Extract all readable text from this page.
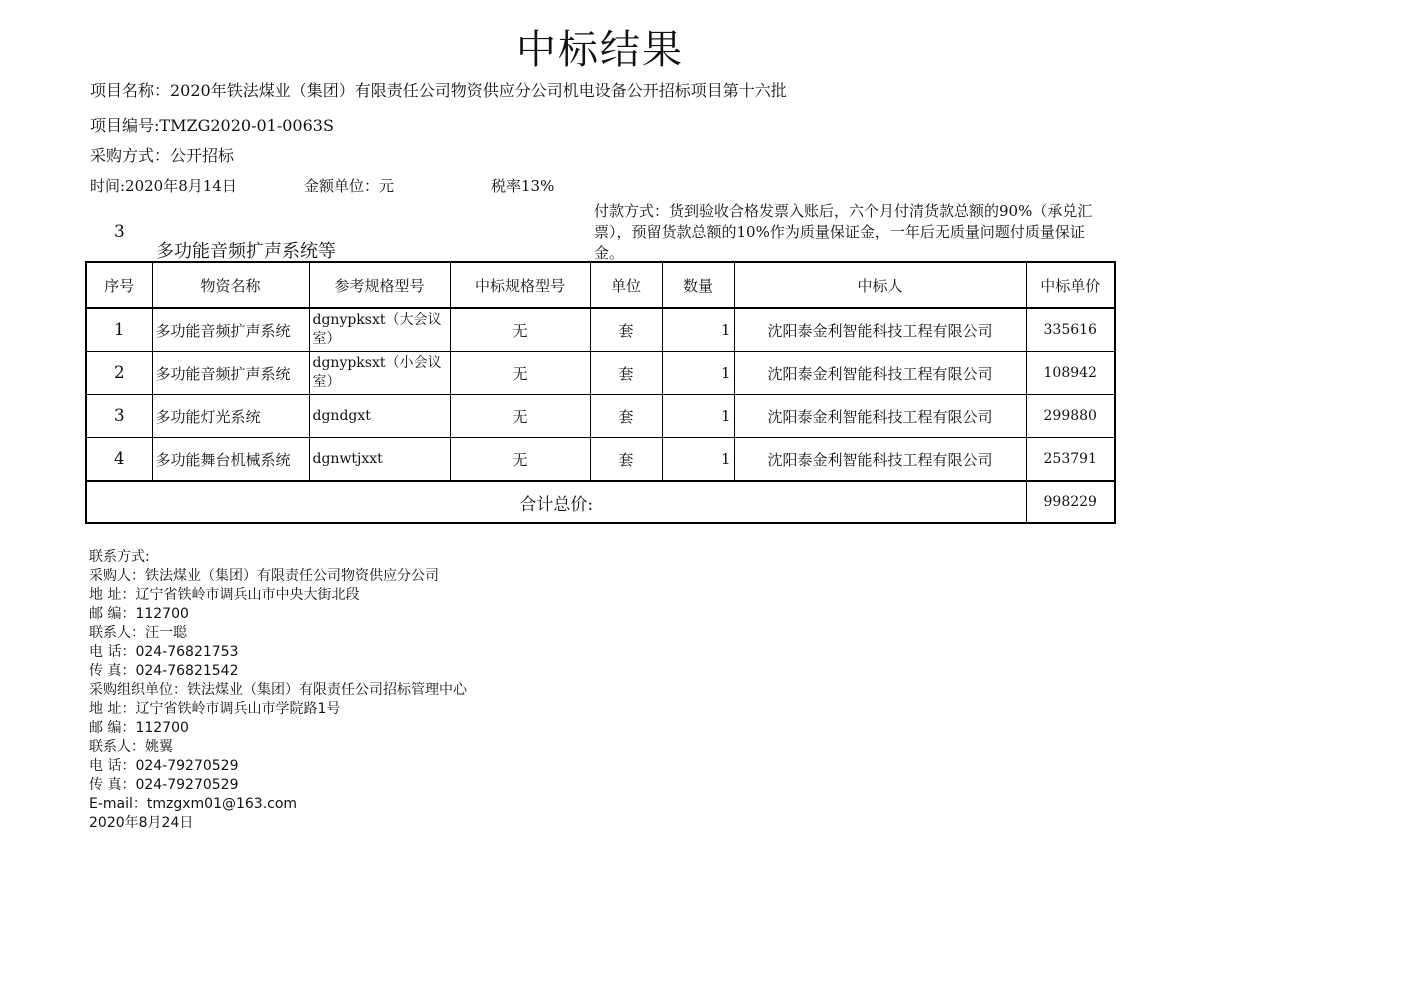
中标结果
项目名称：2020年铁法煤业（集团）有限责任公司物资供应分公司机电设备公开招标项目第十六批
项目编号:TMZG2020-01-0063S
采购方式：公开招标
时间:2020年8月14日	金额单位：元	税率13%
3
多功能音频扩声系统等
付款方式：货到验收合格发票入账后，六个月付清货款总额的90%（承兑汇票），预留货款总额的10%作为质量保证金，一年后无质量问题付质量保证金。
序号	物资名称	参考规格型号	中标规格型号	单位	数量	中标人	中标单价
1	多功能音频扩声系统	dgnypksxt（大会议室）	无	套	1	沈阳泰金利智能科技工程有限公司	335616
2	多功能音频扩声系统	dgnypksxt（小会议室）	无	套	1	沈阳泰金利智能科技工程有限公司	108942
3	多功能灯光系统	dgndgxt	无	套	1	沈阳泰金利智能科技工程有限公司	299880
4	多功能舞台机械系统	dgnwtjxxt	无	套	1	沈阳泰金利智能科技工程有限公司	253791
合计总价:							998229
联系方式:
采购人：铁法煤业（集团）有限责任公司物资供应分公司
地 址：辽宁省铁岭市调兵山市中央大街北段
邮 编：112700
联系人：汪一聪
电 话：024-76821753
传 真：024-76821542
采购组织单位：铁法煤业（集团）有限责任公司招标管理中心
地 址：辽宁省铁岭市调兵山市学院路1号
邮 编：112700
联系人：姚翼
电 话：024-79270529
传 真：024-79270529
E-mail：tmzgxm01@163.com
2020年8月24日
